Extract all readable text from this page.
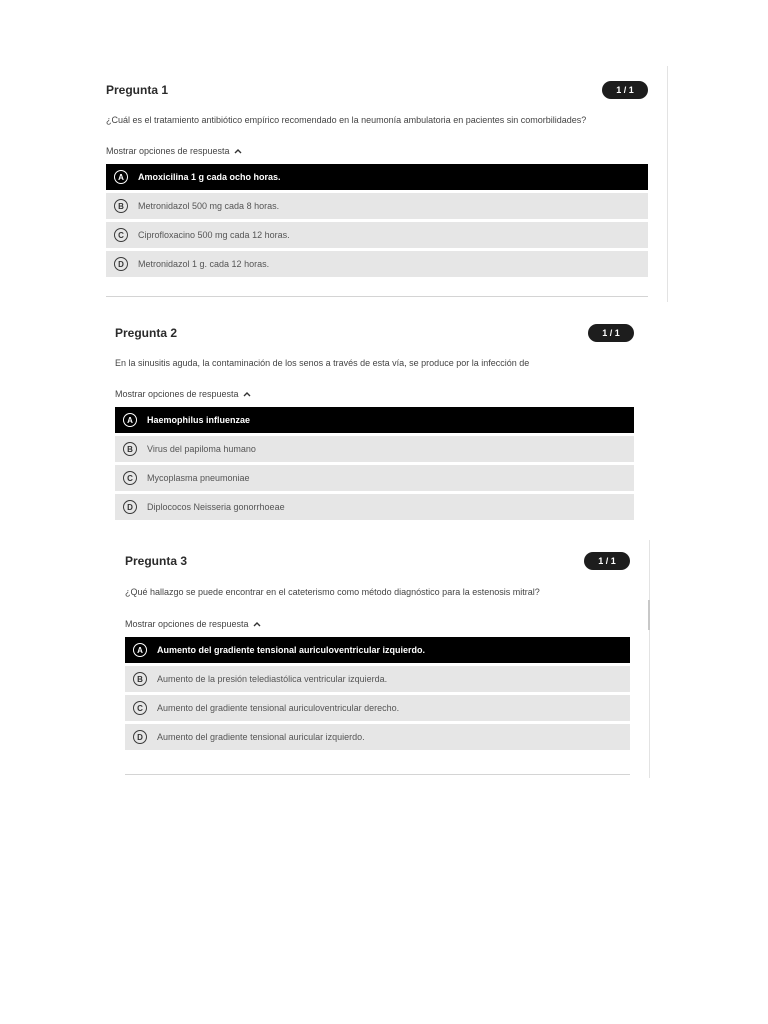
Pregunta 1	1 / 1
¿Cuál es el tratamiento antibiótico empírico recomendado en la neumonía ambulatoria en pacientes sin comorbilidades?
Mostrar opciones de respuesta
A	Amoxicilina 1 g cada ocho horas.
B	Metronidazol 500 mg cada 8 horas.
C	Ciprofloxacino 500 mg cada 12 horas.
D	Metronidazol 1 g. cada 12 horas.
Pregunta 2	1 / 1
En la sinusitis aguda, la contaminación de los senos a través de esta vía, se produce por la infección de
Mostrar opciones de respuesta
A	Haemophilus influenzae
B	Virus del papiloma humano
C	Mycoplasma pneumoniae
D	Diplococos Neisseria gonorrhoeae
Pregunta 3	1 / 1
¿Qué hallazgo se puede encontrar en el cateterismo como método diagnóstico para la estenosis mitral?
Mostrar opciones de respuesta
A	Aumento del gradiente tensional auriculoventricular izquierdo.
B	Aumento de la presión telediastólica ventricular izquierda.
C	Aumento del gradiente tensional auriculoventricular derecho.
D	Aumento del gradiente tensional auricular izquierdo.
